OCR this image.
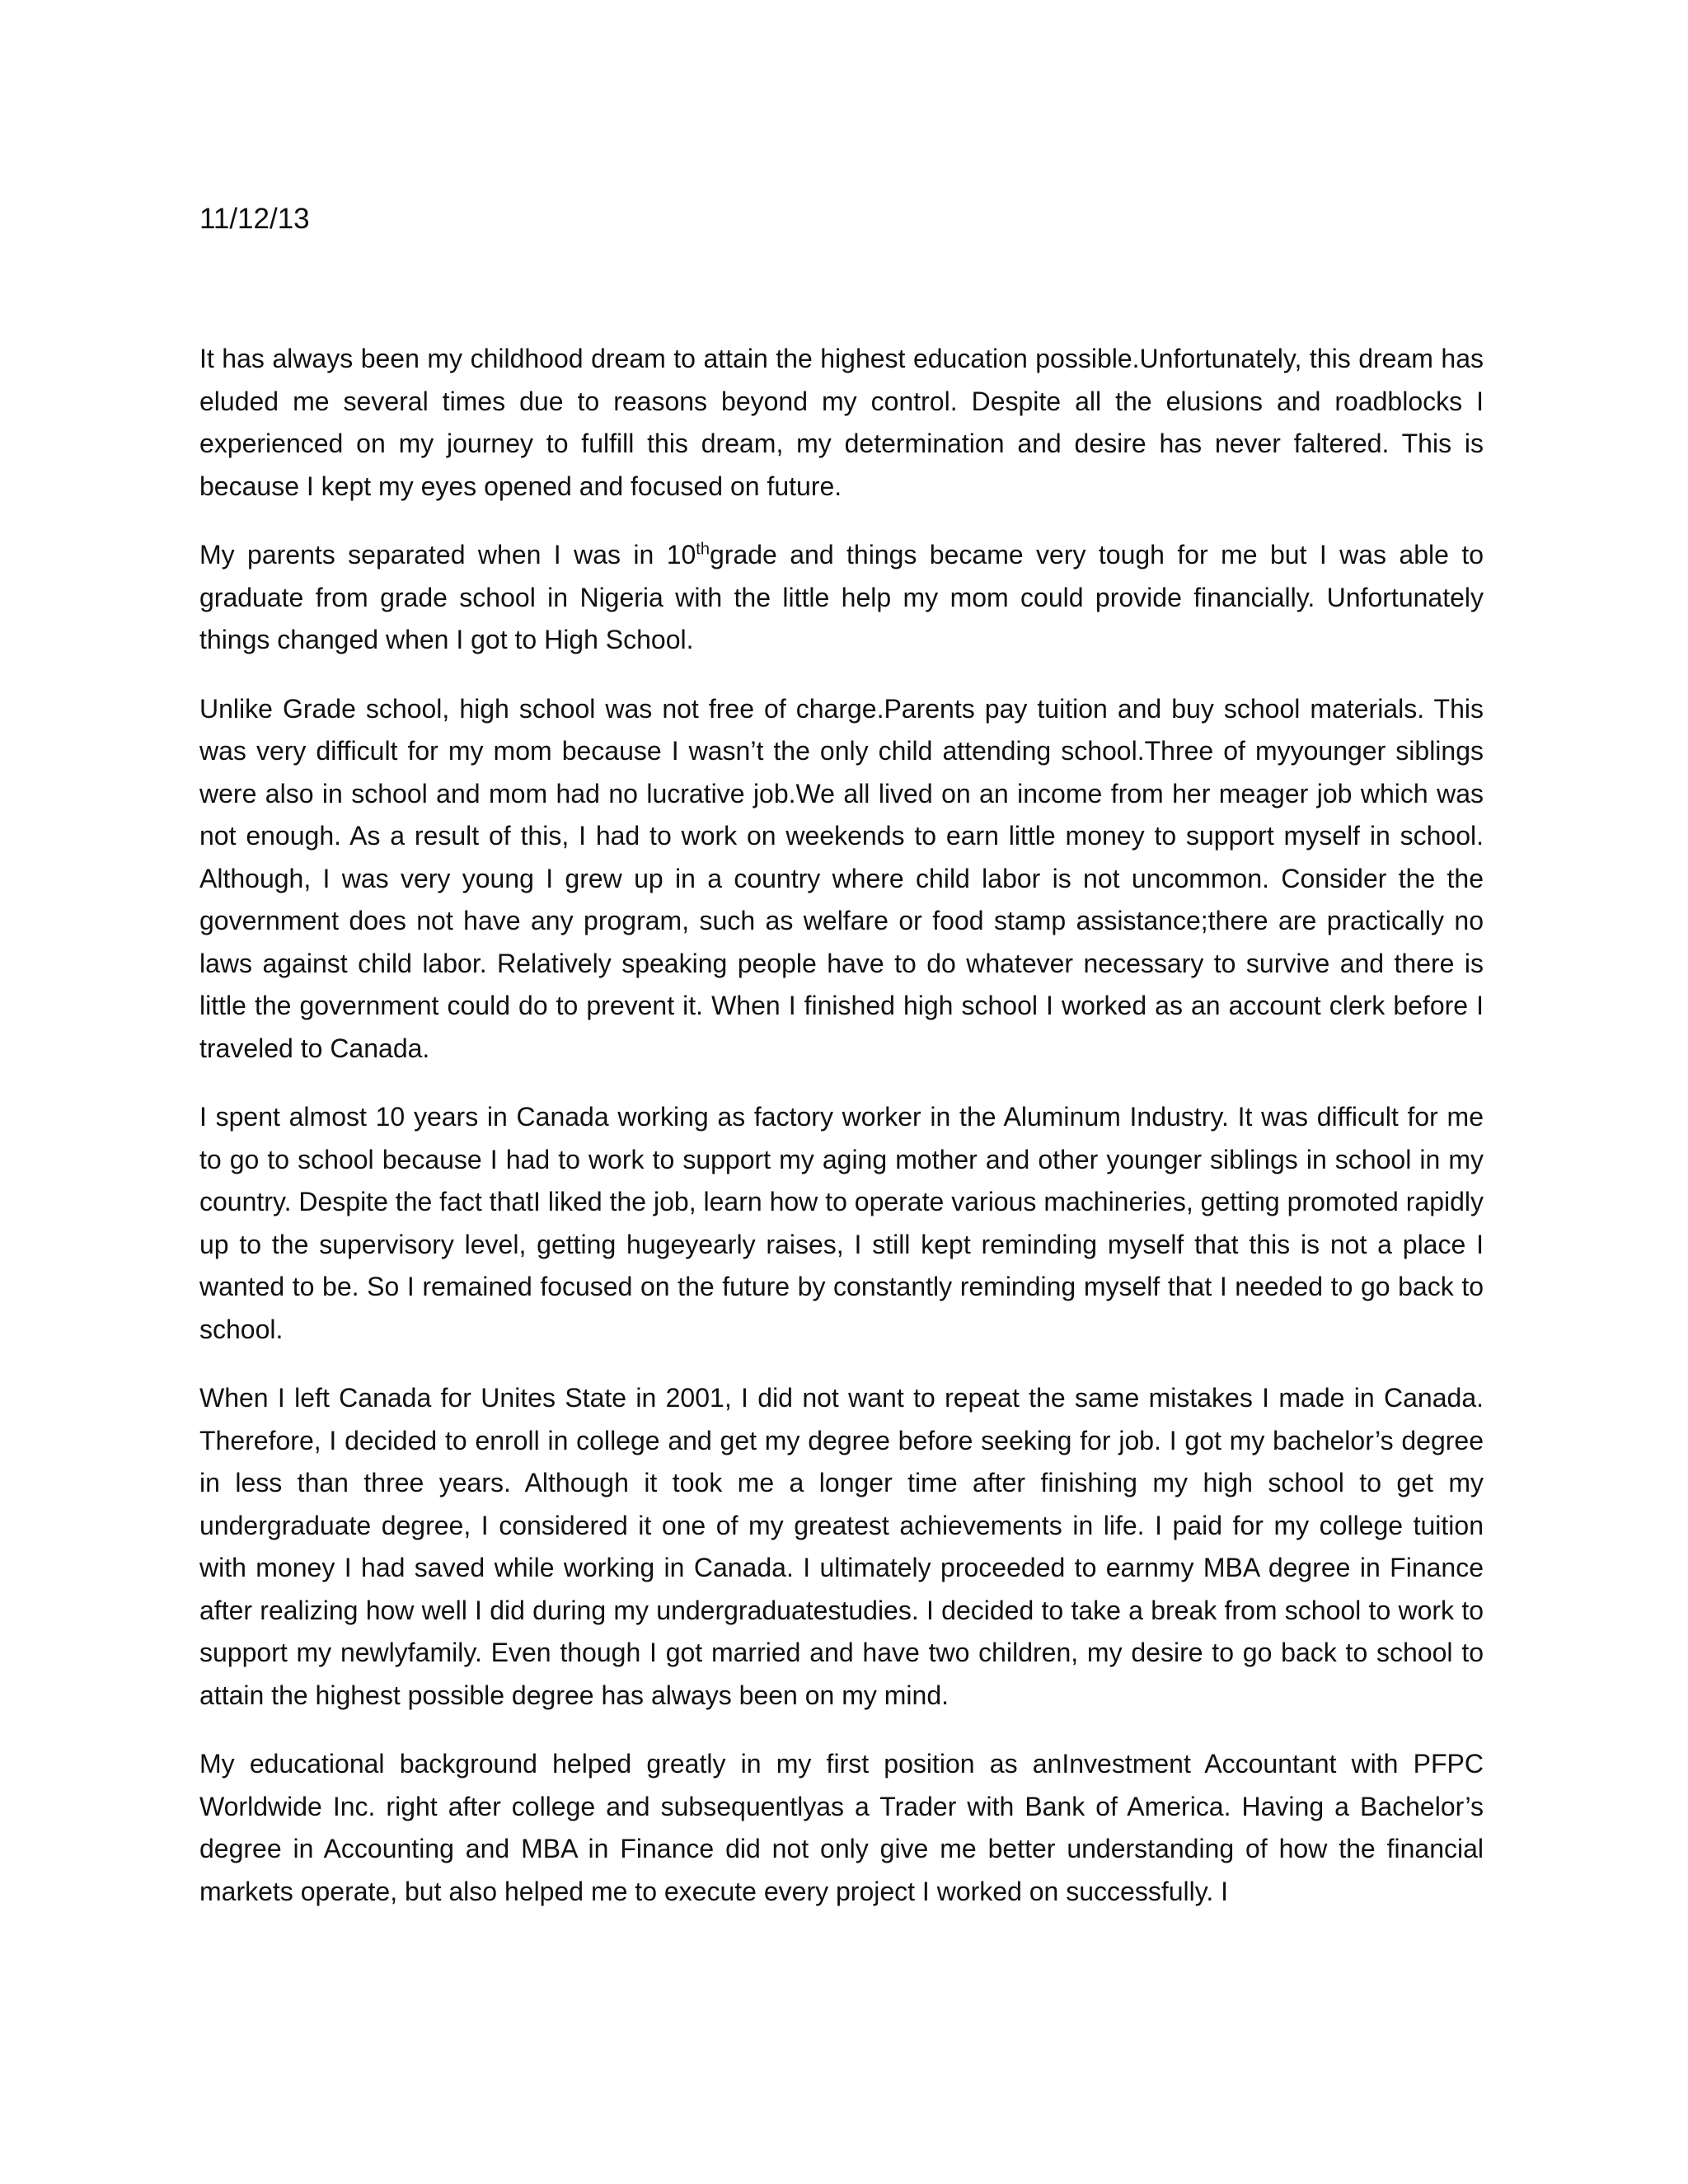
11/12/13

It has always been my childhood dream to attain the highest education possible.Unfortunately, this dream has eluded me several times due to reasons beyond my control. Despite all the elusions and roadblocks I experienced on my journey to fulfill this dream, my determination and desire has never faltered. This is because I kept my eyes opened and focused on future.

My parents separated when I was in 10thgrade and things became very tough for me but I was able to graduate from grade school in Nigeria with the little help my mom could provide financially. Unfortunately things changed when I got to High School.

Unlike Grade school, high school was not free of charge.Parents pay tuition and buy school materials. This was very difficult for my mom because I wasn’t the only child attending school.Three of myyounger siblings were also in school and mom had no lucrative job.We all lived on an income from her meager job which was not enough. As a result of this, I had to work on weekends to earn little money to support myself in school. Although, I was very young I grew up in a country where child labor is not uncommon. Consider the the government does not have any program, such as welfare or food stamp assistance;there are practically no laws against child labor. Relatively speaking people have to do whatever necessary to survive and there is little the government could do to prevent it. When I finished high school I worked as an account clerk before I traveled to Canada.

I spent almost 10 years in Canada working as factory worker in the Aluminum Industry. It was difficult for me to go to school because I had to work to support my aging mother and other younger siblings in school in my country. Despite the fact thatI liked the job, learn how to operate various machineries, getting promoted rapidly up to the supervisory level, getting hugeyearly raises, I still kept reminding myself that this is not a place I wanted to be. So I remained focused on the future by constantly reminding myself that I needed to go back to school.

When I left Canada for Unites State in 2001, I did not want to repeat the same mistakes I made in Canada. Therefore, I decided to enroll in college and get my degree before seeking for job. I got my bachelor’s degree in less than three years. Although it took me a longer time after finishing my high school to get my undergraduate degree, I considered it one of my greatest achievements in life. I paid for my college tuition with money I had saved while working in Canada. I ultimately proceeded to earnmy MBA degree in Finance after realizing how well I did during my undergraduatestudies. I decided to take a break from school to work to support my newlyfamily. Even though I got married and have two children, my desire to go back to school to attain the highest possible degree has always been on my mind.

My educational background helped greatly in my first position as anInvestment Accountant with PFPC Worldwide Inc. right after college and subsequentlyas a Trader with Bank of America. Having a Bachelor’s degree in Accounting and MBA in Finance did not only give me better understanding of how the financial markets operate, but also helped me to execute every project I worked on successfully. I
